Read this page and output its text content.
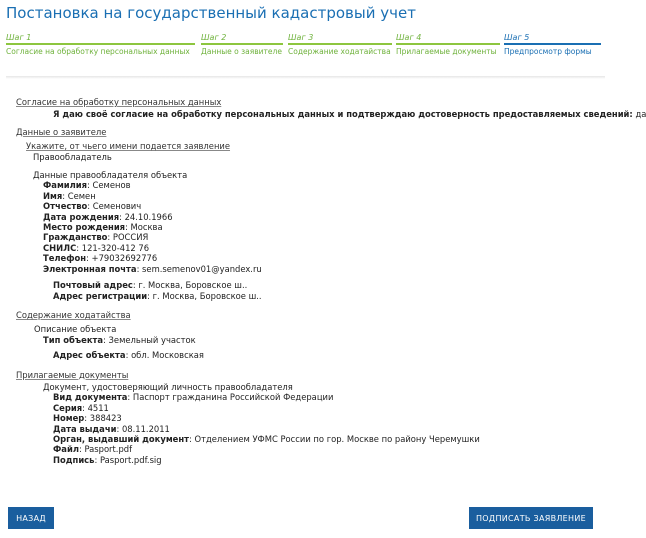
Постановка на государственный кадастровый учет
Шаг 1
Согласие на обработку персональных данных
Шаг 2
Данные о заявителе
Шаг 3
Содержание ходатайства
Шаг 4
Прилагаемые документы
Шаг 5
Предпросмотр формы
Согласие на обработку персональных данных
Я даю своё согласие на обработку персональных данных и подтверждаю достоверность предоставляемых сведений: да
Данные о заявителе
Укажите, от чьего имени подается заявление
Правообладатель
Данные правообладателя объекта
Фамилия: Семенов
Имя: Семен
Отчество: Семенович
Дата рождения: 24.10.1966
Место рождения: Москва
Гражданство: РОССИЯ
СНИЛС: 121-320-412 76
Телефон: +79032692776
Электронная почта: sem.semenov01@yandex.ru
Почтовый адрес: г. Москва, Боровское ш..
Адрес регистрации: г. Москва, Боровское ш..
Содержание ходатайства
Описание объекта
Тип объекта: Земельный участок
Адрес объекта: обл. Московская
Прилагаемые документы
Документ, удостоверяющий личность правообладателя
Вид документа: Паспорт гражданина Российской Федерации
Серия: 4511
Номер: 388423
Дата выдачи: 08.11.2011
Орган, выдавший документ: Отделением УФМС России по гор. Москве по району Черемушки
Файл: Pasport.pdf
Подпись: Pasport.pdf.sig
НАЗАД	ПОДПИСАТЬ ЗАЯВЛЕНИЕ
